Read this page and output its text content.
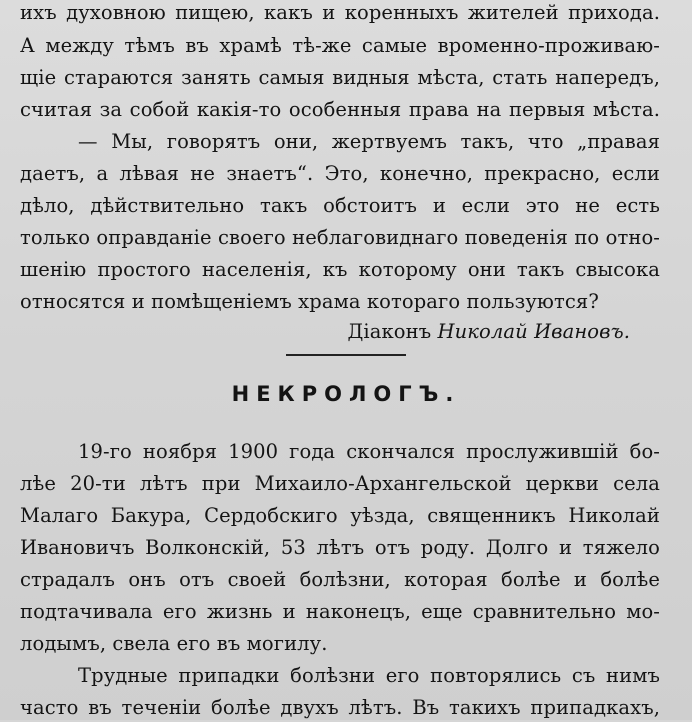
ихъ духовною пищею, какъ и коренныхъ жителей прихода.
А между тѣмъ въ храмѣ тѣ-же самые вроменно-проживаю-
щіе стараются занять самыя видныя мѣста, стать напередъ,
считая за собой какія-то особенныя права на первыя мѣста.
— Мы, говорятъ они, жертвуемъ такъ, что „правая
даетъ, а лѣвая не знаетъ“. Это, конечно, прекрасно, если
дѣло, дѣйствительно такъ обстоитъ и если это не есть
только оправданіе своего неблаговиднаго поведенія по отно-
шенію простого населенія, къ которому они такъ свысока
относятся и помѣщеніемъ храма котораго пользуются?
Діаконъ Николай Ивановъ.
НЕКРОЛОГЪ.
19-го ноября 1900 года скончался прослужившій бо-
лѣе 20-ти лѣтъ при Михаило-Архангельской церкви села
Малаго Бакура, Сердобскиго уѣзда, священникъ Николай
Ивановичъ Волконскій, 53 лѣтъ отъ роду. Долго и тяжело
страдалъ онъ отъ своей болѣзни, которая болѣе и болѣе
подтачивала его жизнь и наконецъ, еще сравнительно мо-
лодымъ, свела его въ могилу.
Трудные припадки болѣзни его повторялись съ нимъ
часто въ теченіи болѣе двухъ лѣтъ. Въ такихъ припадкахъ,
